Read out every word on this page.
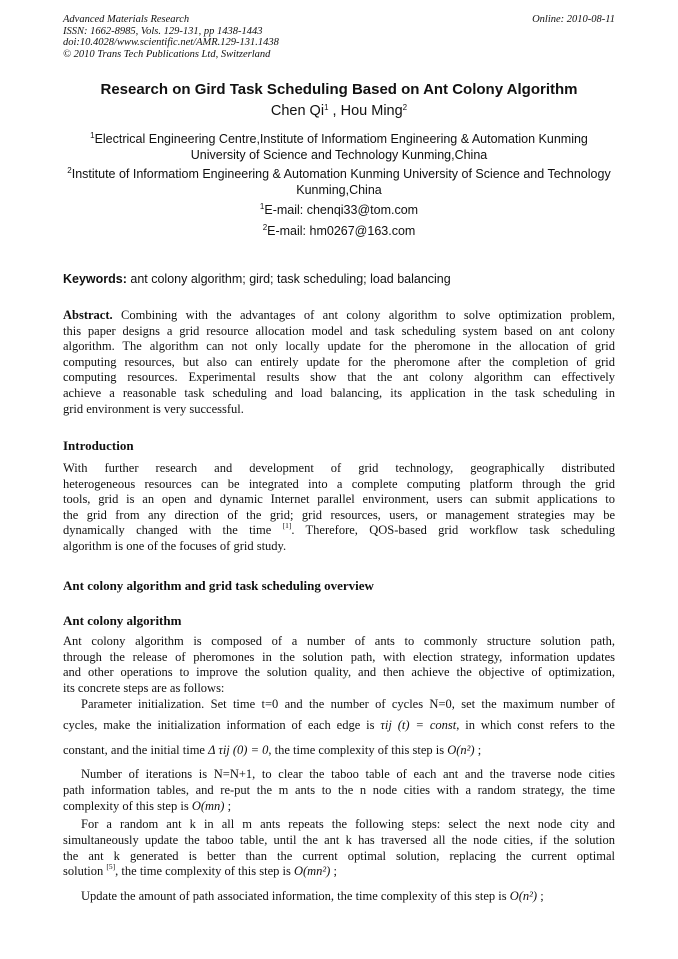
Advanced Materials Research
ISSN: 1662-8985, Vols. 129-131, pp 1438-1443
doi:10.4028/www.scientific.net/AMR.129-131.1438
© 2010 Trans Tech Publications Ltd, Switzerland
Online: 2010-08-11
Research on Gird Task Scheduling Based on Ant Colony Algorithm
Chen Qi$^1$ , Hou Ming$^2$
$^1$Electrical Engineering Centre,Institute of Informatiom Engineering & Automation Kunming
University of Science and Technology Kunming,China
$^2$Institute of Informatiom Engineering & Automation Kunming University of Science and Technology
Kunming,China
$^1$E-mail: chenqi33@tom.com
$^2$E-mail: hm0267@163.com
Keywords: ant colony algorithm; gird; task scheduling; load balancing
Abstract. Combining with the advantages of ant colony algorithm to solve optimization problem,
this paper designs a grid resource allocation model and task scheduling system based on ant colony
algorithm. The algorithm can not only locally update for the pheromone in the allocation of grid
computing resources, but also can entirely update for the pheromone after the completion of grid
computing resources. Experimental results show that the ant colony algorithm can effectively
achieve a reasonable task scheduling and load balancing, its application in the task scheduling in
grid environment is very successful.
Introduction
With further research and development of grid technology, geographically distributed
heterogeneous resources can be integrated into a complete computing platform through the grid
tools, grid is an open and dynamic Internet parallel environment, users can submit applications to
the grid from any direction of the grid; grid resources, users, or management strategies may be
dynamically changed with the time [1]. Therefore, QOS-based grid workflow task scheduling
algorithm is one of the focuses of grid study.
Ant colony algorithm and grid task scheduling overview
Ant colony algorithm
Ant colony algorithm is composed of a number of ants to commonly structure solution path,
through the release of pheromones in the solution path, with election strategy, information updates
and other operations to improve the solution quality, and then achieve the objective of optimization,
its concrete steps are as follows:
Parameter initialization. Set time t=0 and the number of cycles N=0, set the maximum number of
cycles, make the initialization information of each edge is τij (t) = const, in which const refers to the
constant, and the initial time Δ τij (0) = 0, the time complexity of this step is O(n²) ;
Number of iterations is N=N+1, to clear the taboo table of each ant and the traverse node cities
path information tables, and re-put the m ants to the n node cities with a random strategy, the time
complexity of this step is O(mn) ;
For a random ant k in all m ants repeats the following steps: select the next node city and
simultaneously update the taboo table, until the ant k has traversed all the node cities, if the solution
the ant k generated is better than the current optimal solution, replacing the current optimal
solution [5], the time complexity of this step is O(mn²) ;
Update the amount of path associated information, the time complexity of this step is O(n²) ;
